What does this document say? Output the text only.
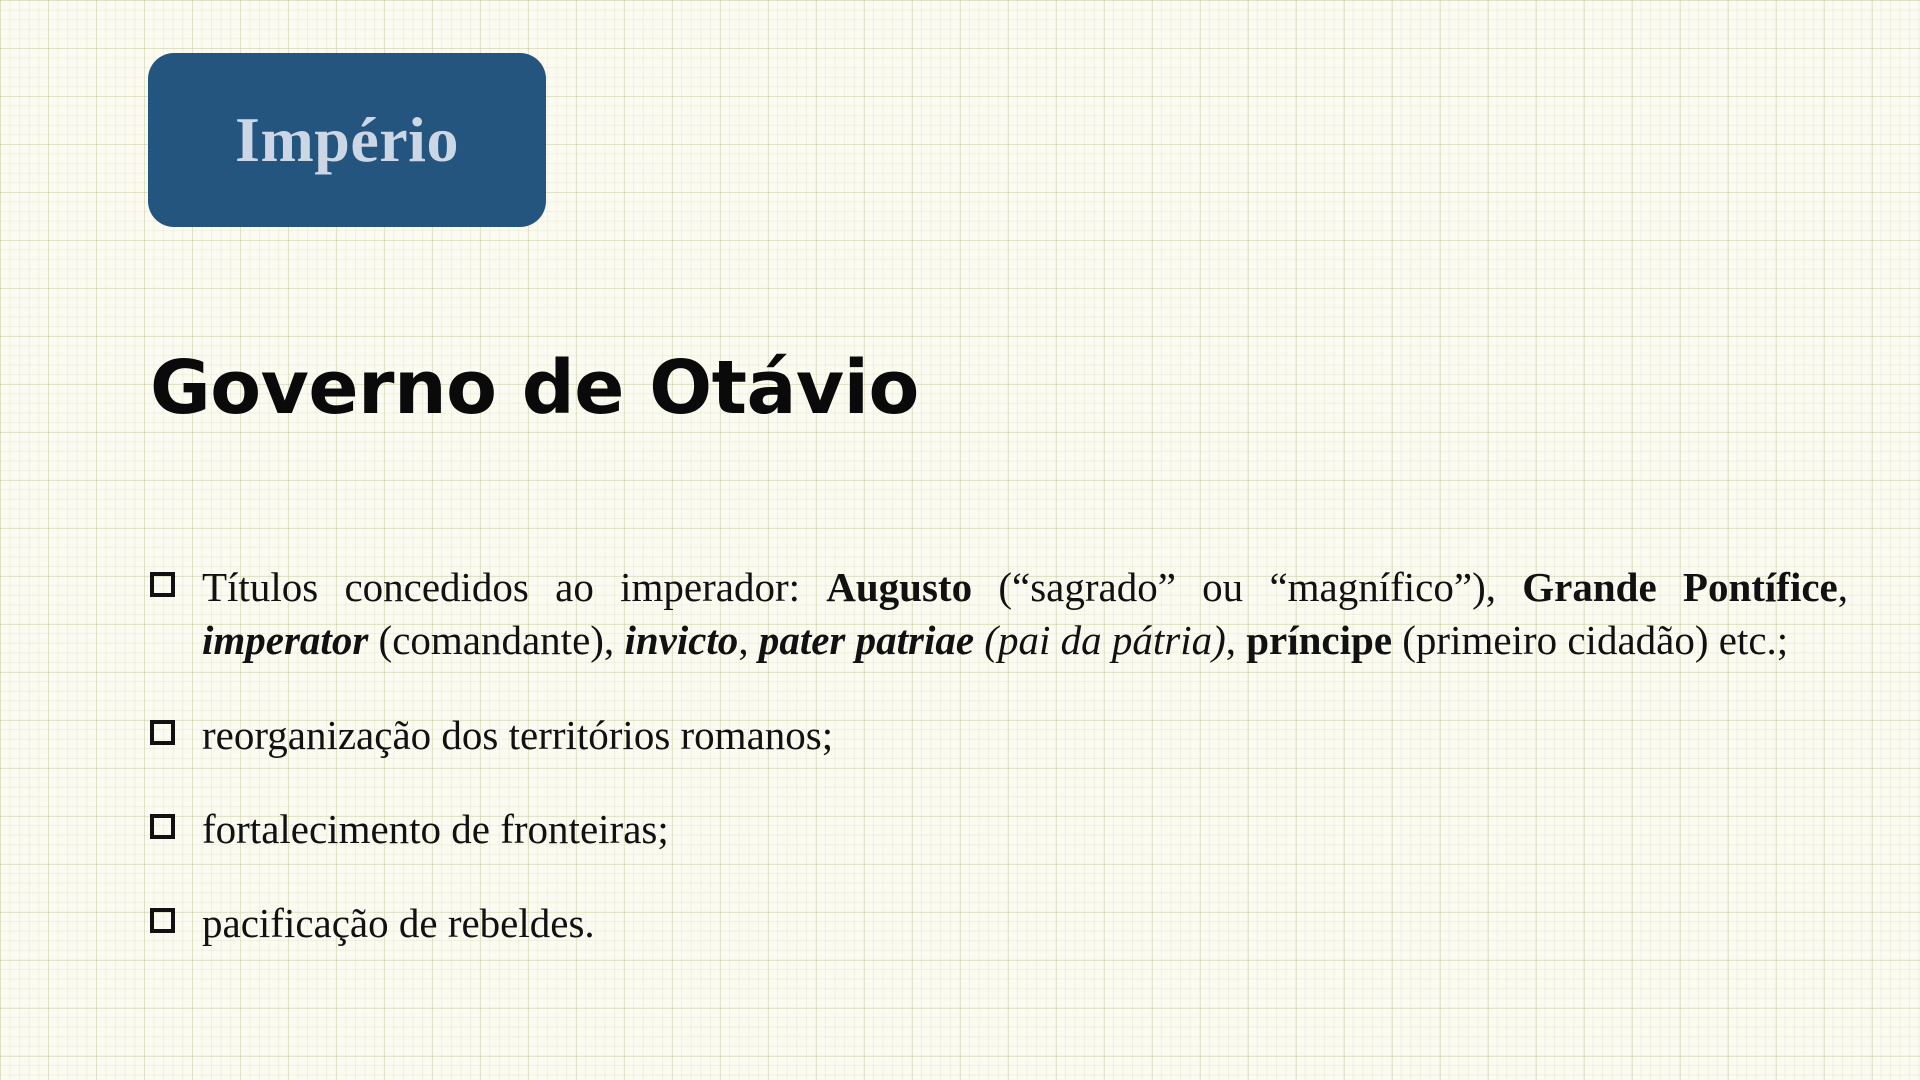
Império
Governo de Otávio

Títulos concedidos ao imperador: Augusto (“sagrado” ou “magnífico”), Grande Pontífice, imperator (comandante), invicto, pater patriae (pai da pátria), príncipe (primeiro cidadão) etc.;

reorganização dos territórios romanos;

fortalecimento de fronteiras;

pacificação de rebeldes.
